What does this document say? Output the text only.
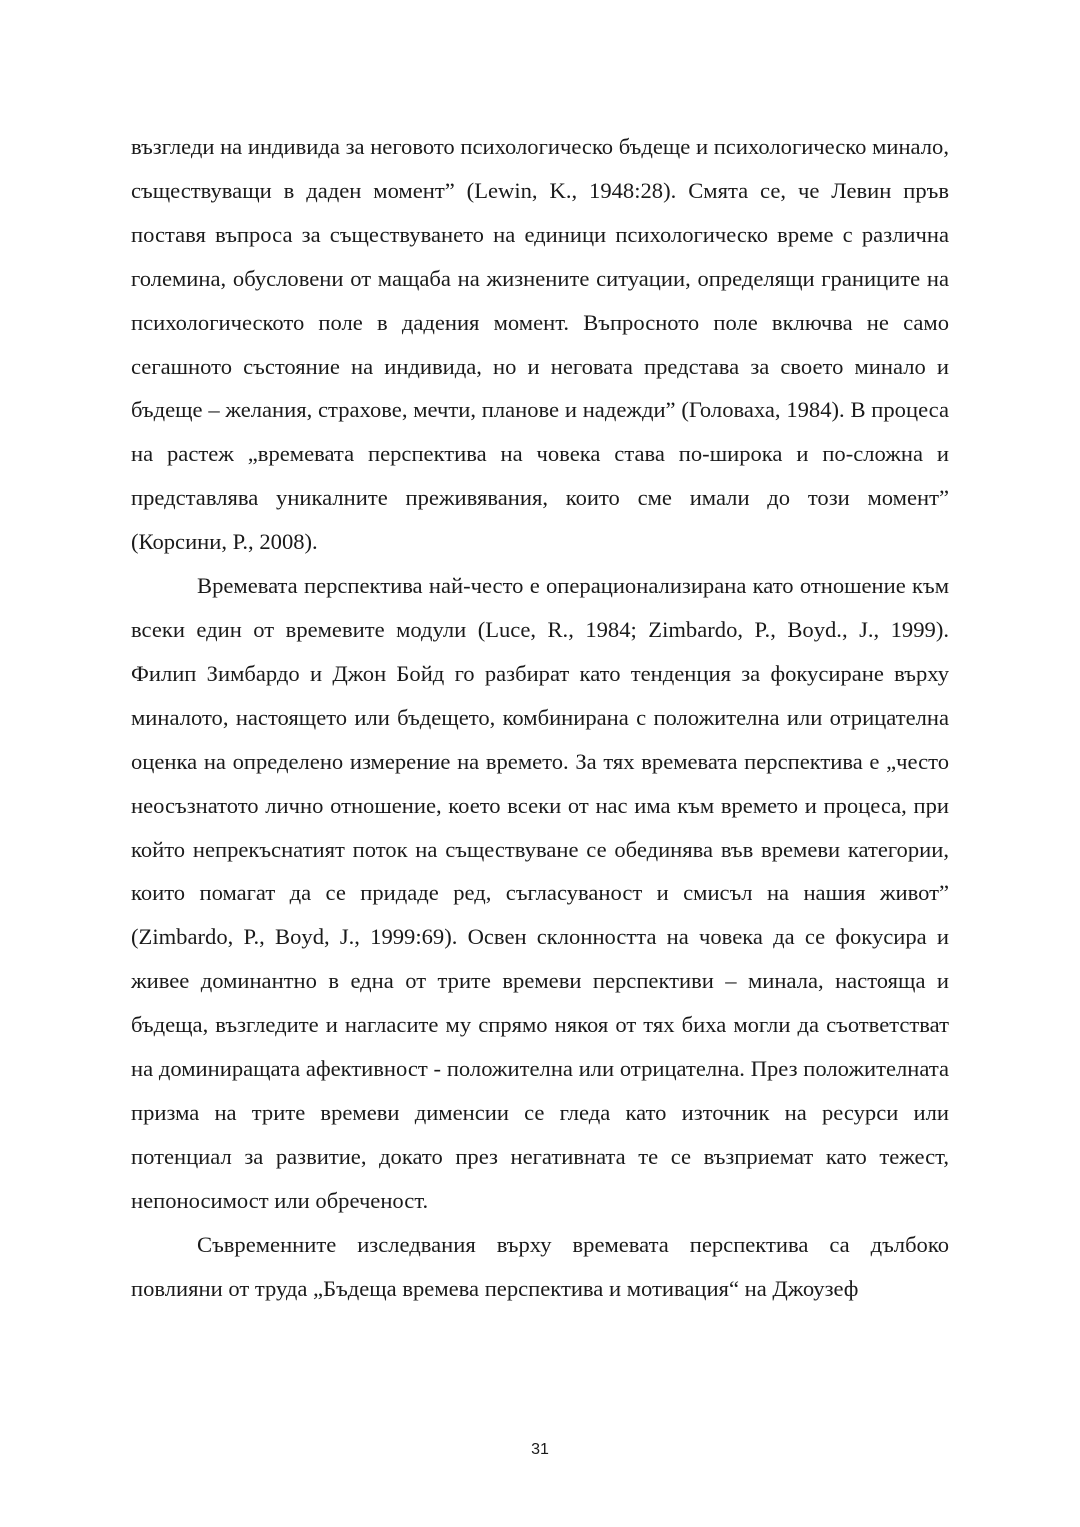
възгледи на индивида за неговото психологическо бъдеще и психологическо минало, съществуващи в даден момент” (Lewin, K., 1948:28). Смята се, че Левин пръв поставя въпроса за съществуването на единици психологическо време с различна големина, обусловени от мащаба на жизнените ситуации, определящи границите на психологическото поле в дадения момент. Въпросното поле включва не само сегашното състояние на индивида, но и неговата представа за своето минало и бъдеще – желания, страхове, мечти, планове и надежди” (Головаха, 1984). В процеса на растеж „времевата перспектива на човека става по-широка и по-сложна и представлява уникалните преживявания, които сме имали до този момент” (Корсини, Р., 2008).

Времевата перспектива най-често е операционализирана като отношение към всеки един от времевите модули (Luce, R., 1984; Zimbardo, P., Boyd., J., 1999). Филип Зимбардо и Джон Бойд го разбират като тенденция за фокусиране върху миналото, настоящето или бъдещето, комбинирана с положителна или отрицателна оценка на определено измерение на времето. За тях времевата перспектива е „често неосъзнатото лично отношение, което всеки от нас има към времето и процеса, при който непрекъснатият поток на съществуване се обединява във времеви категории, които помагат да се придаде ред, съгласуваност и смисъл на нашия живот” (Zimbardo, P., Boyd, J., 1999:69). Освен склонността на човека да се фокусира и живее доминантно в една от трите времеви перспективи – минала, настояща и бъдеща, възгледите и нагласите му спрямо някоя от тях биха могли да съответстват на доминиращата афективност - положителна или отрицателна. През положителната призма на трите времеви дименсии се гледа като източник на ресурси или потенциал за развитие, докато през негативната те се възприемат като тежест, непоносимост или обреченост.

Съвременните изследвания върху времевата перспектива са дълбоко повлияни от труда „Бъдеща времева перспектива и мотивация“ на Джоузеф

31
